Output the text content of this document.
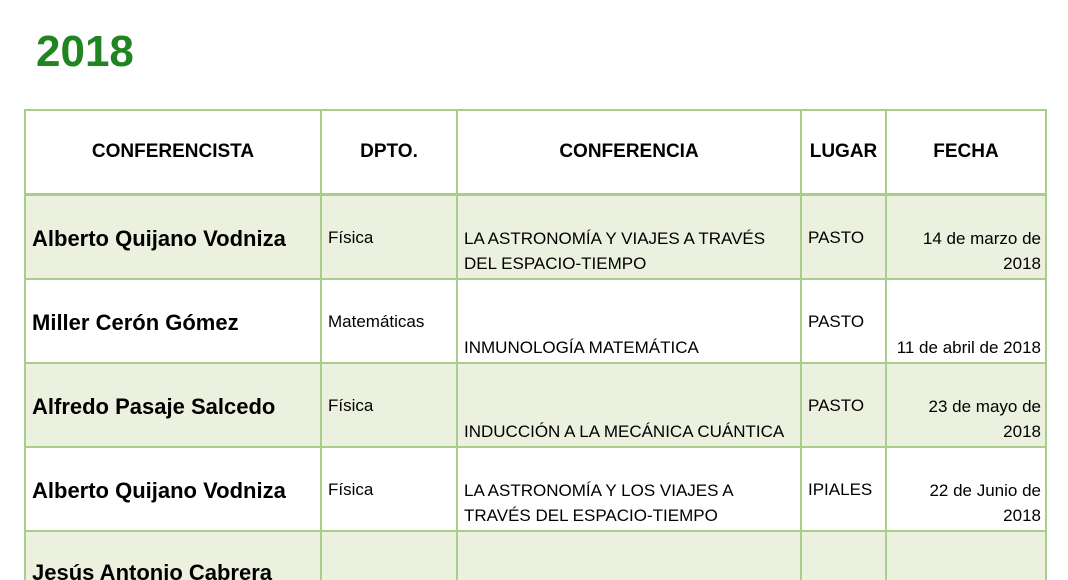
2018
CONFERENCISTA	DPTO.	CONFERENCIA	LUGAR	FECHA

Alberto Quijano Vodniza	Física	LA ASTRONOMÍA Y VIAJES A TRAVÉS DEL ESPACIO-TIEMPO	PASTO	14 de marzo de 2018

Miller Cerón Gómez	Matemáticas	INMUNOLOGÍA MATEMÁTICA	PASTO	11 de abril de 2018

Alfredo Pasaje Salcedo	Física	INDUCCIÓN A LA MECÁNICA CUÁNTICA	PASTO	23 de mayo de 2018

Alberto Quijano Vodniza	Física	LA ASTRONOMÍA Y LOS VIAJES A TRAVÉS DEL ESPACIO-TIEMPO	IPIALES	22 de Junio de 2018

Jesús Antonio Cabrera				
